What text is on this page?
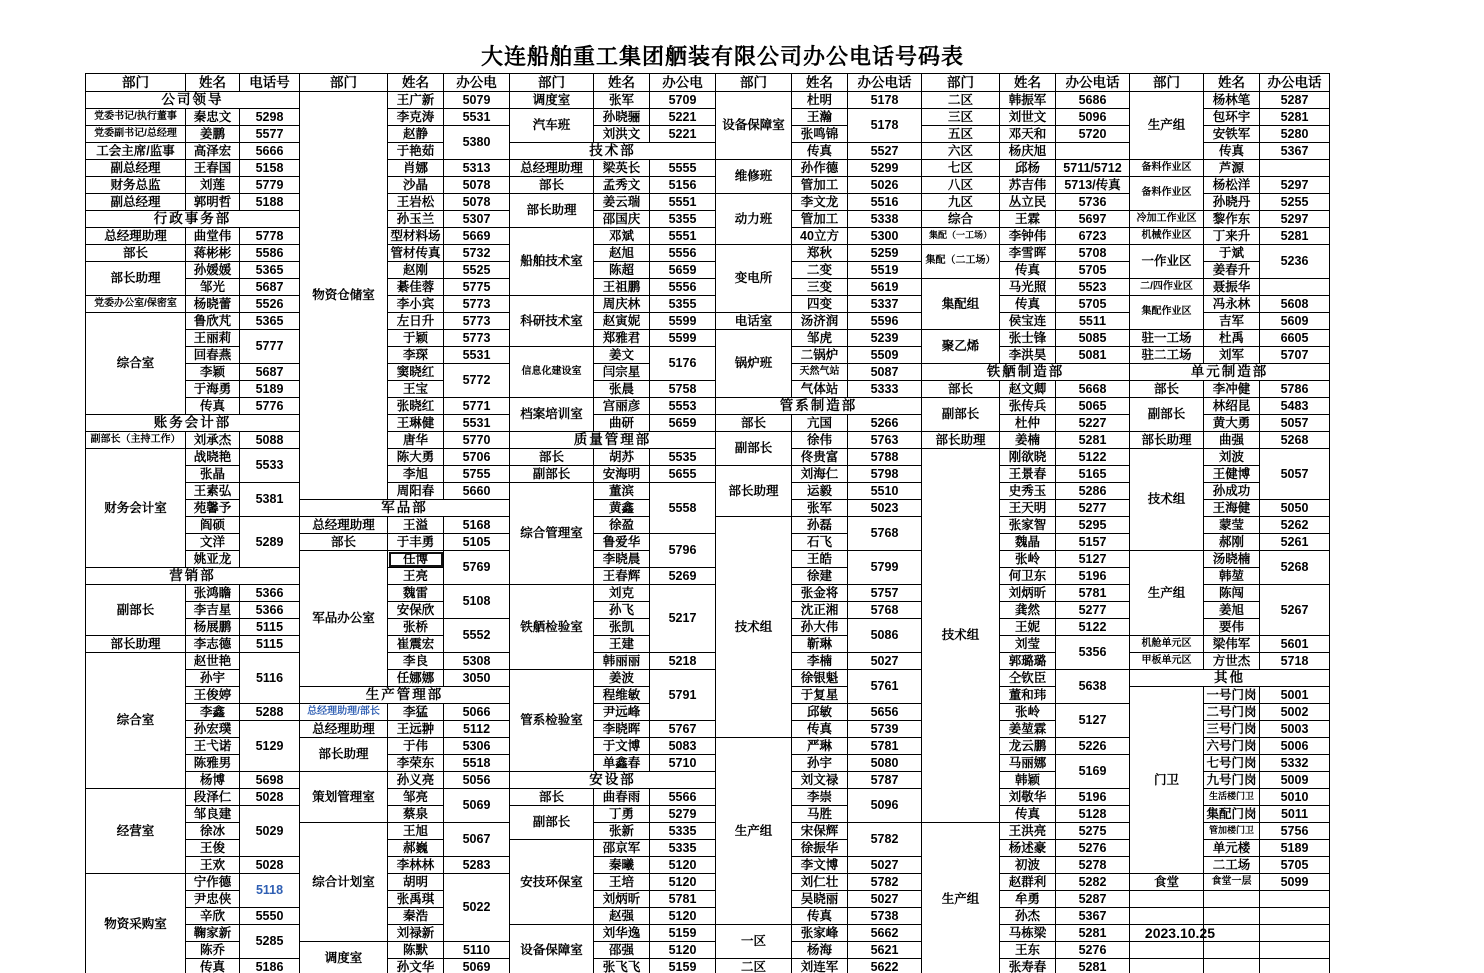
大连船舶重工集团舾装有限公司办公电话号码表
部门	姓名	电话号	部门	姓名	办公电	部门	姓名	办公电	部门	姓名	办公电话	部门	姓名	办公电话	部门	姓名	办公电话
公司领导			物资仓储室	王广新	5079	调度室	张军	5709	设备保障室	杜明	5178	二区	韩振军	5686	生产组	杨林笔	5287
党委书记/执行董事	秦忠文	5298		李克涛	5531	汽车班	孙晓骊	5221		王瀚	5178	三区	刘世文	5096		包环宇	5281
党委副书记/总经理	姜鹏	5577		赵静	5380		刘洪文	5221		张鸣锦		五区	邓天和	5720		安铁军	5280
工会主席/监事	高泽宏	5666		于艳茹		技术部				传真	5527	六区	杨庆旭			传真	5367
副总经理	王春国	5158		肖娜	5313	总经理助理	梁英长	5555	维修班	孙作德	5299	七区	邱杨	5711/5712	备料作业区	芦源	
财务总监	刘莲	5779		沙晶	5078	部长	孟秀文	5156		管加工	5026	八区	苏吉伟	5713/传真	备料作业区	杨松洋	5297
副总经理	郭明哲	5188		王岩松	5078	部长助理	姜云瑞	5551	动力班	李文龙	5516	九区	丛立民	5736		孙晓丹	5255
行政事务部				孙玉兰	5307		邵国庆	5355		管加工	5338	综合	王霖	5697	冷加工作业区	黎作东	5297
总经理助理	曲堂伟	5778		型材料场	5669	船舶技术室	邓斌	5551		40立方	5300	集配（一工场）	李钟伟	6723	机械作业区	丁来升	5281
部长	蒋彬彬	5586		管材传真	5732		赵旭	5556	变电所	郑秋	5259	集配（二工场）	李雪晖	5708	一作业区	于斌	5236
部长助理	孙媛媛	5365		赵刚	5525		陈超	5659		二变	5519		传真	5705		姜春升	
	邹光	5687		綦佳蓉	5775		王祖鹏	5556		三变	5619	集配组	马光照	5523	二/四作业区	聂振华	
党委办公室/保密室	杨晓蕾	5526		李小宾	5773	科研技术室	周庆林	5355		四变	5337		传真	5705	集配作业区	冯永林	5608
综合室	鲁欣芃	5365		左日升	5773		赵寅妮	5599	电话室	汤济润	5596		侯宝连	5511		吉军	5609
	王丽莉	5777		于颖	5773		郑雅君	5599	锅炉班	邹虎	5239	聚乙烯	张士锋	5085	驻一工场	杜禹	6605
	回春燕			李琛	5531	信息化建设室	姜文	5176		二锅炉	5509		李洪昊	5081	驻二工场	刘军	5707
	李颖	5687		窦晓红	5772		闫宗星			天然气站	5087	铁舾制造部			单元制造部		
	于海勇	5189		王宝			张晨	5758		气体站	5333	部长	赵文卿	5668	部长	李冲健	5786
	传真	5776		张晓红	5771	档案培训室	宫丽彦	5553	管系制造部			副部长	张传兵	5065	副部长	林绍昆	5483
账务会计部				王琳健	5531		曲研	5659	部长	亢国	5266		杜仲	5227		黄大勇	5057
副部长（主持工作）	刘承杰	5088		唐华	5770	质量管理部			副部长	徐伟	5763	部长助理	姜楠	5281	部长助理	曲强	5268
财务会计室	战晓艳	5533		陈大勇	5706	部长	胡苏	5535		佟贵富	5788	技术组	刚欲晓	5122	技术组	刘波	5057
	张晶			李旭	5755	副部长	安海明	5655	部长助理	刘海仁	5798		王景春	5165		王健博	
	王素弘	5381		周阳春	5660	综合管理室	董滨	5558		运毅	5510		史秀玉	5286		孙成功	
	苑馨予		军品部				黄鑫			张军	5023		王天明	5277		王海健	5050
	阎硕	5289	总经理助理	王溢	5168		徐盈		技术组	孙磊	5768		张家智	5295		蒙莹	5262
	文洋		部长	于丰勇	5105		鲁爱华	5796		石飞			魏晶	5157		郝刚	5261
	姚亚龙		军品办公室	任博	5769		李晓晨			王皓	5799		张岭	5127	生产组	汤晓楠	5268
营销部				王亮			王春辉	5269		徐建			何卫东	5196		韩堃	
副部长	张鸿瞻	5366		魏雷	5108	铁舾检验室	刘克	5217		张金将	5757		刘炳昕	5781		陈闯	5267
	李吉星	5366		安保欣			孙飞			沈正湘	5768		龚然	5277		姜旭	
	杨展鹏	5115		张桥	5552		张凯			孙大伟	5086		王妮	5122		要伟	
部长助理	李志德	5115		崔震宏			王建			靳琳			刘莹	5356	机舱单元区	梁伟军	5601
综合室	赵世艳	5116		李良	5308		韩丽丽	5218		李楠	5027		郭璐璐		甲板单元区	方世杰	5718
	孙宇			任娜娜	3050	管系检验室	姜波	5791		徐银魁	5761		仝钦臣	5638	其他		
	王俊婷		生产管理部				程维敏			于复星			董和玮		门卫	一号门岗	5001
	李鑫	5288	总经理助理/部长	李猛	5066		尹远峰			邱敏	5656		张岭	5127		二号门岗	5002
	孙宏璞	5129	总经理助理	王远翀	5112		李晓晖	5767		传真	5739		姜堃霖			三号门岗	5003
	王弋诺		部长助理	于伟	5306		于文博	5083	生产组	严琳	5781		龙云鹏	5226		六号门岗	5006
	陈雅男			李荣东	5518		单鑫春	5710		孙宇	5080		马丽娜	5169		七号门岗	5332
	杨博	5698	策划管理室	孙义亮	5056	安设部				刘文禄	5787		韩颖			九号门岗	5009
经营室	段泽仁	5028		邹亮	5069	部长	曲春雨	5566		李崇	5096		刘敬华	5196		生活楼门卫	5010
	邹良建	5029		蔡泉		副部长	丁勇	5279		马胜			传真	5128		集配门岗	5011
	徐冰		综合计划室	王旭	5067		张新	5335		宋保辉	5782	生产组	王洪亮	5275		管加楼门卫	5756
	王俊			郝巍		安技环保室	邵京军	5335		徐振华			杨述豪	5276		单元楼	5189
	王欢	5028		李林林	5283		秦曦	5120		李文博	5027		初波	5278		二工场	5705
物资采购室	宁作德	5118		胡明	5022		王培	5120		刘仁壮	5782		赵群利	5282	食堂	食堂一层	5099
	尹忠侠			张禹琪			刘炳昕	5781		吴晓丽	5027		牟勇	5287			
	辛欣	5550		秦浩			赵强	5120		传真	5738		孙杰	5367			
	鞠家新	5285		刘禄新		设备保障室	刘华逸	5159	一区	张家峰	5662		马栋梁	5281			
	陈乔		调度室	陈默	5110		邵强	5120		杨海	5621		王东	5276			
	传真	5186		孙文华	5069		张飞飞	5159	二区	刘连军	5622		张寿春	5281			
2023.10.25
